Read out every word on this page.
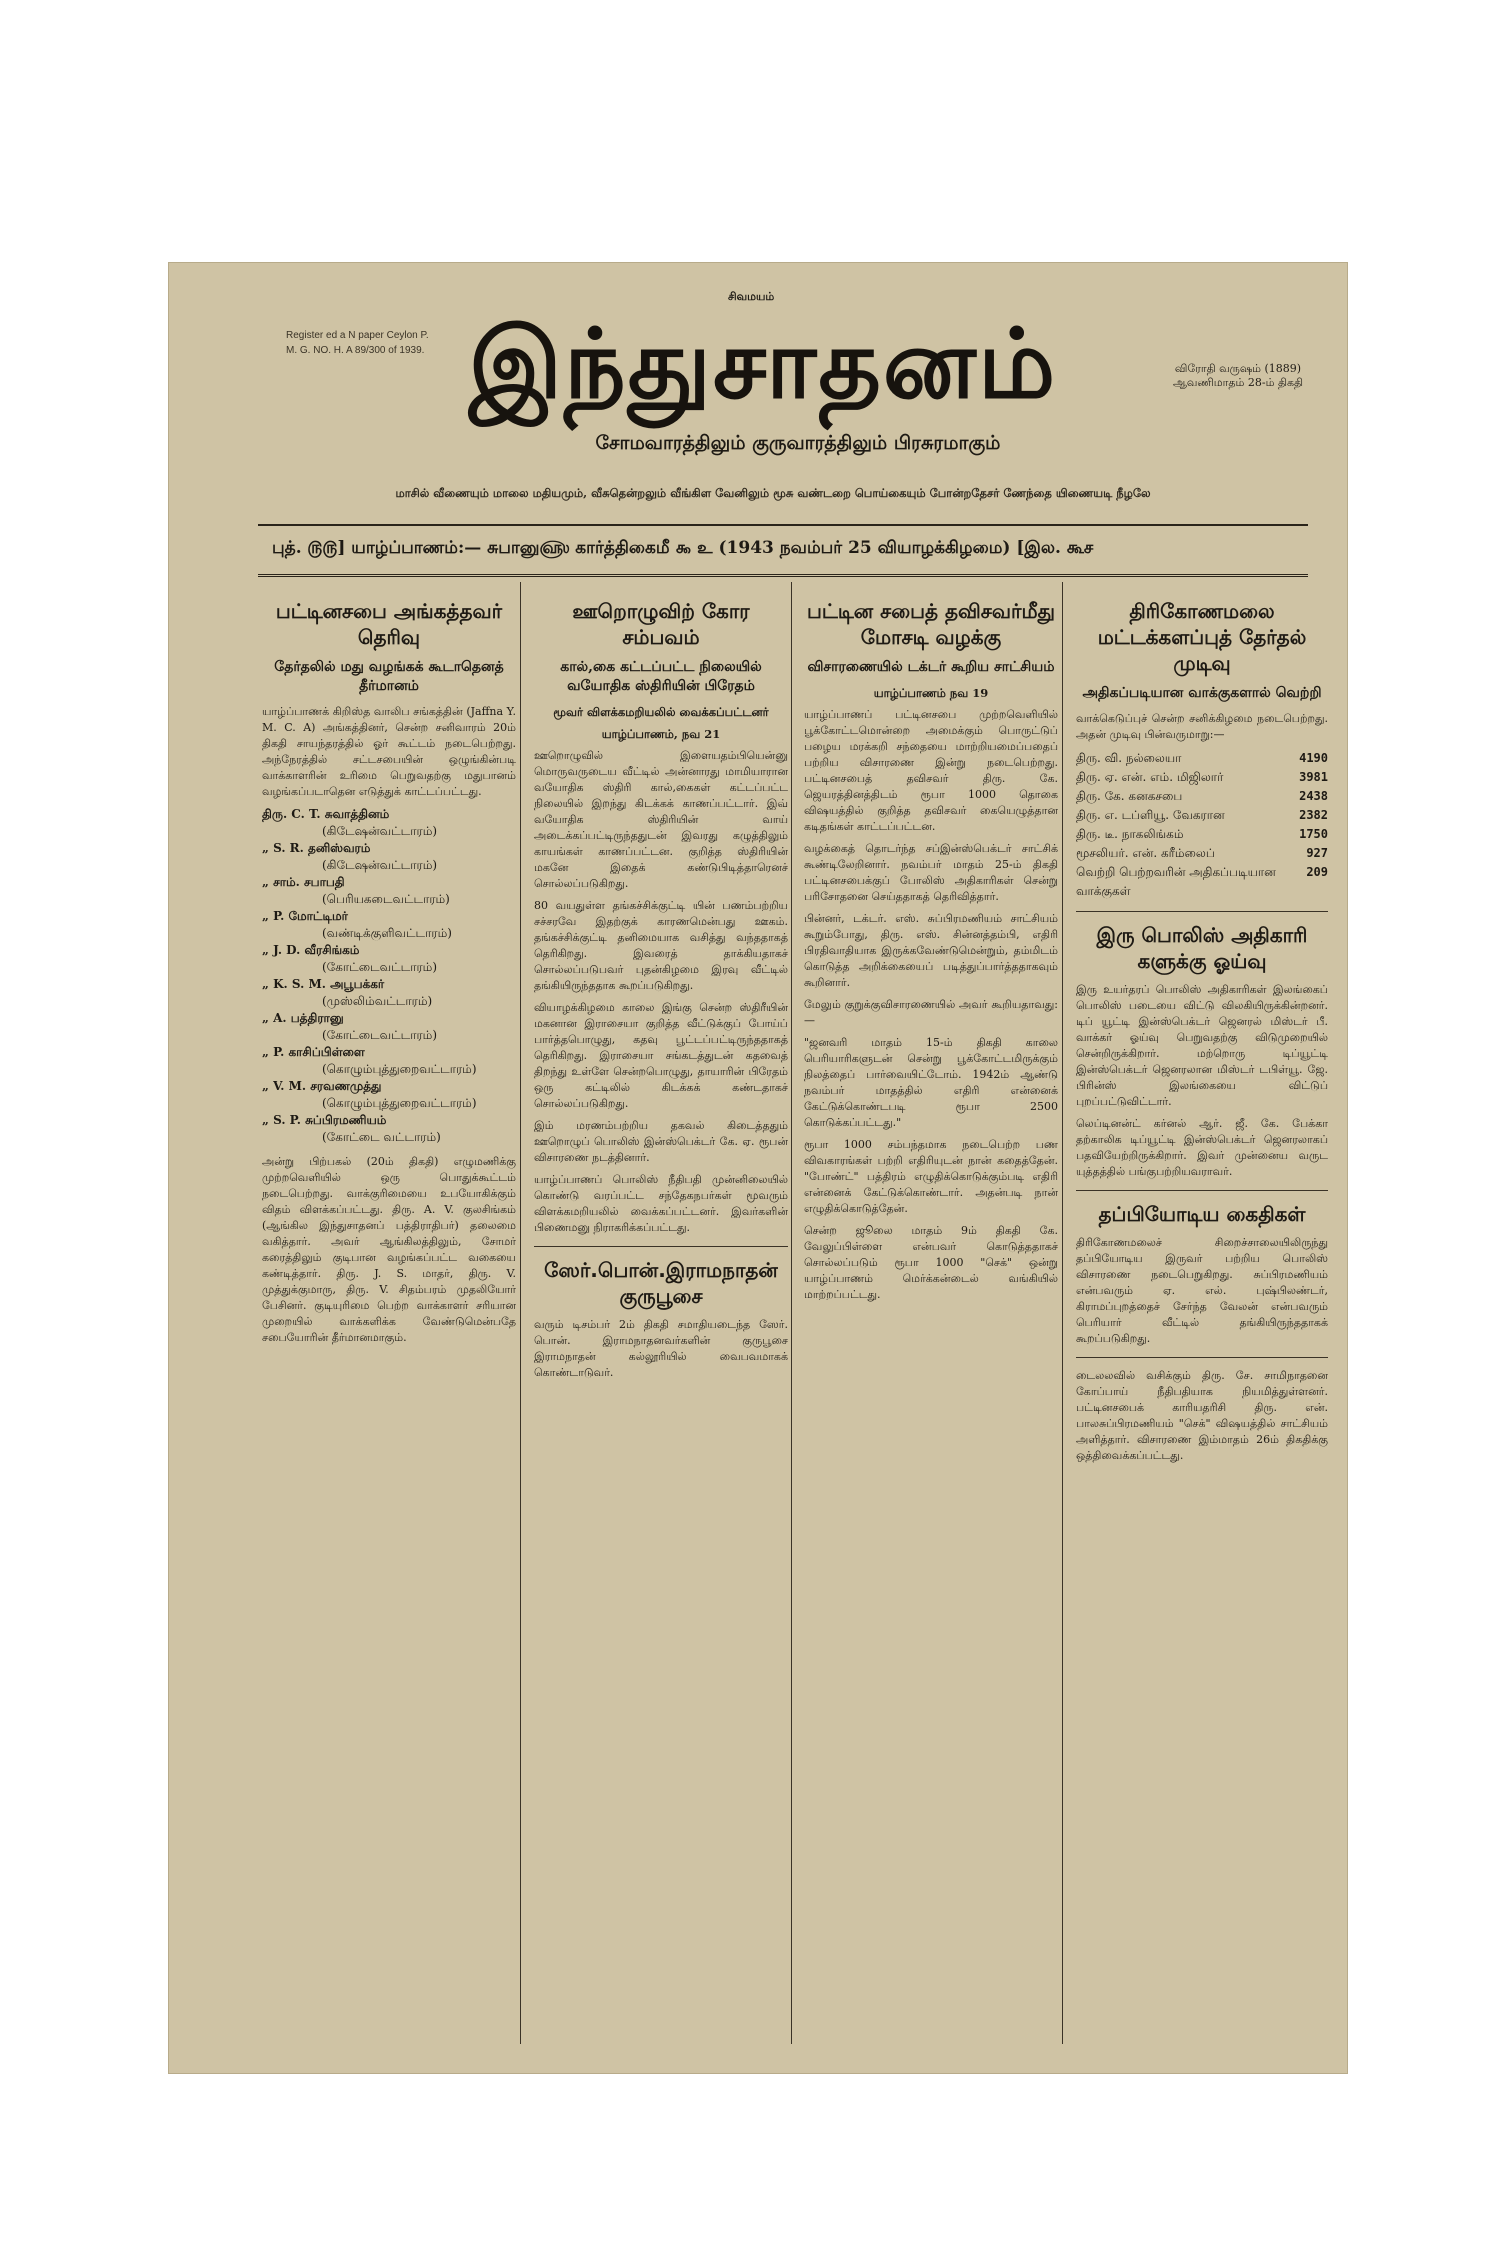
Register ed a N paper Ceylon P. M. G. NO. H. A 89/300 of 1939.
சிவமயம்
இந்துசாதனம்	விரோதி வருஷம் (1889) ஆவணிமாதம் 28-ம் திகதி
சோமவாரத்திலும் குருவாரத்திலும் பிரசுரமாகும்
மாசில் வீணையும் மாலை மதியமும், வீசுதென்றலும் வீங்கிள வேனிலும் மூசு வண்டறை பொய்கையும் போன்றதேசர் ணேந்தை யிணையடி நீழலே
புத். ௫௫] யாழ்ப்பாணம்:— சுபானு௵ கார்த்திகைமீ ௯ உ (1943 நவம்பர் 25 வியாழக்கிழமை) [இல. கூச
பட்டினசபை அங்கத்தவர் தெரிவு
தேர்தலில் மது வழங்கக் கூடாதெனத் தீர்மானம்

யாழ்ப்பாணக் கிறிஸ்த வாலிப சங்கத்தின் (Jaffna Y. M. C. A) அங்கத்தினர், சென்ற சனிவாரம் 20ம் திகதி சாயந்தரத்தில் ஓர் கூட்டம் நடைபெற்றது. அந்நேரத்தில் சட்டசபையின் ஒழுங்கின்படி வாக்காளரின் உரிமை பெறுவதற்கு மதுபானம் வழங்கப்படாதென எடுத்துக் காட்டப்பட்டது.

திரு. C. T. சுவாத்தினம்
(கிடேஷன்வட்டாரம்)
„ S. R. தனிஸ்வரம்
(கிடேஷன்வட்டாரம்)
„ சாம். சபாபதி
(பெரியகடைவட்டாரம்)
„ P. மோட்டிமர்
(வண்டிக்குளிவட்டாரம்)
„ J. D. வீரசிங்கம்
(கோட்டைவட்டாரம்)
„ K. S. M. அபூபக்கர்
(முஸ்லிம்வட்டாரம்)
„ A. பத்திரானு
(கோட்டைவட்டாரம்)
„ P. காசிப்பிள்ளை
(கொழும்புத்துறைவட்டாரம்)
„ V. M. சரவணமுத்து
(கொழும்புத்துறைவட்டாரம்)
„ S. P. சுப்பிரமணியம்
(கோட்டை வட்டாரம்)

அன்று பிற்பகல் (20ம் திகதி) எழுமணிக்கு முற்றவெளியில் ஒரு பொதுக்கூட்டம் நடைபெற்றது. வாக்குரிமையை உபயோகிக்கும் விதம் விளக்கப்பட்டது. திரு. A. V. குலசிங்கம் (ஆங்கில இந்துசாதனப் பத்திராதிபர்) தலைமை வகித்தார். அவர் ஆங்கிலத்திலும், சோமர் கரைத்திலும் குடிபான வழங்கப்பட்ட வகையை கண்டித்தார். திரு. J. S. மாதர், திரு. V. முத்துக்குமாரு, திரு. V. சிதம்பரம் முதலியோர் பேசினர். குடியுரிமை பெற்ற வாக்காளர் சரியான முறையில் வாக்களிக்க வேண்டுமென்பதே சபையோரின் தீர்மானமாகும்.

ஊறொழுவிற் கோர சம்பவம்
கால்,கை கட்டப்பட்ட நிலையில் வயோதிக ஸ்திரியின் பிரேதம்
மூவர் விளக்கமறியலில் வைக்கப்பட்டனர்
யாழ்ப்பாணம், நவ 21

ஊறொழுவில் இளையதம்பியென்னு மொருவருடைய வீட்டில் அன்னாரது மாமியாரான வயோதிக ஸ்திரி கால்,கைகள் கட்டப்பட்ட நிலையில் இறந்து கிடக்கக் காணப்பட்டார். இவ் வயோதிக ஸ்திரியின் வாய் அடைக்கப்பட்டிருந்ததுடன் இவரது கழுத்திலும் காயங்கள் காணப்பட்டன. குறித்த ஸ்திரியின் மகனே இதைக் கண்டுபிடித்தாரெனச் சொல்லப்படுகிறது.

80 வயதுள்ள தங்கச்சிக்குட்டி யின் பணம்பற்றிய சச்சரவே இதற்குக் காரணமென்பது ஊகம். தங்கச்சிக்குட்டி தனிமையாக வசித்து வந்ததாகத் தெரிகிறது. இவரைத் தாக்கியதாகச் சொல்லப்படுபவர் புதன்கிழமை இரவு வீட்டில் தங்கியிருந்ததாக கூறப்படுகிறது.

வியாழக்கிழமை காலை இங்கு சென்ற ஸ்திரீயின் மகனான இராசையா குறித்த வீட்டுக்குப் போய்ப் பார்த்தபொழுது, கதவு பூட்டப்பட்டிருந்ததாகத் தெரிகிறது. இராசையா சங்கடத்துடன் கதவைத் திறந்து உள்ளே சென்றபொழுது, தாயாரின் பிரேதம் ஒரு கட்டிலில் கிடக்கக் கண்டதாகச் சொல்லப்படுகிறது.

இம் மரணம்பற்றிய தகவல் கிடைத்ததும் ஊறொழுப் பொலிஸ் இன்ஸ்பெக்டர் கே. ஏ. ரூபன் விசாரணை நடத்தினார்.

யாழ்ப்பாணப் பொலிஸ் நீதிபதி முன்னிலையில் கொண்டு வரப்பட்ட சந்தேகநபர்கள் மூவரும் விளக்கமறியலில் வைக்கப்பட்டனர். இவர்களின் பிணைமனு நிராகரிக்கப்பட்டது.

ஸேர்.பொன்.இராமநாதன் குருபூசை

வரும் டிசம்பர் 2ம் திகதி சமாதியடைந்த ஸேர். பொன். இராமநாதனவர்களின் குருபூசை இராமநாதன் கல்லூரியில் வைபவமாகக் கொண்டாடுவர்.

பட்டின சபைத் தவிசவர்மீது மோசடி வழக்கு
விசாரணையில் டக்டர் கூறிய சாட்சியம்
யாழ்ப்பாணம் நவ 19

யாழ்ப்பாணப் பட்டினசபை முற்றவெளியில் பூக்கோட்டமொன்றை அமைக்கும் பொருட்டுப் பழைய மரக்கறி சந்தையை மாற்றியமைப்பதைப் பற்றிய விசாரணை இன்று நடைபெற்றது. பட்டினசபைத் தவிசவர் திரு. கே. ஜெயரத்தினத்திடம் ரூபா 1000 தொகை விஷயத்தில் குறித்த தவிசவர் கையெழுத்தான கடிதங்கள் காட்டப்பட்டன.

வழக்கைத் தொடர்ந்த சப்இன்ஸ்பெக்டர் சாட்சிக் கூண்டிலேறினார். நவம்பர் மாதம் 25-ம் திகதி பட்டினசபைக்குப் போலிஸ் அதிகாரிகள் சென்று பரிசோதனை செய்ததாகத் தெரிவித்தார்.

பின்னர், டக்டர். எஸ். சுப்பிரமணியம் சாட்சியம் கூறும்போது, திரு. எஸ். சின்னத்தம்பி, எதிரி பிரதிவாதியாக இருக்கவேண்டுமென்றும், தம்மிடம் கொடுத்த அறிக்கையைப் படித்துப்பார்த்ததாகவும் கூறினார்.

மேலும் குறுக்குவிசாரணையில் அவர் கூறியதாவது:—

"ஜனவரி மாதம் 15-ம் திகதி காலை பெரியாரிகளுடன் சென்று பூக்கோட்டமிருக்கும் நிலத்தைப் பார்வையிட்டோம். 1942ம் ஆண்டு நவம்பர் மாதத்தில் எதிரி என்னைக் கேட்டுக்கொண்டபடி ரூபா 2500 கொடுக்கப்பட்டது."

ரூபா 1000 சம்பந்தமாக நடைபெற்ற பண விவகாரங்கள் பற்றி எதிரியுடன் நான் கதைத்தேன். "போண்ட்" பத்திரம் எழுதிக்கொடுக்கும்படி எதிரி என்னைக் கேட்டுக்கொண்டார். அதன்படி நான் எழுதிக்கொடுத்தேன்.

சென்ற ஜூலை மாதம் 9ம் திகதி கே. வேலுப்பிள்ளை என்பவர் கொடுத்ததாகச் சொல்லப்படும் ரூபா 1000 "செக்" ஒன்று யாழ்ப்பாணம் மெர்க்கன்டைல் வங்கியில் மாற்றப்பட்டது.

திரிகோணமலை மட்டக்களப்புத் தேர்தல் முடிவு
அதிகப்படியான வாக்குகளால் வெற்றி

வாக்கெடுப்புச் சென்ற சனிக்கிழமை நடைபெற்றது. அதன் முடிவு பின்வருமாறு:—

திரு. வி. நல்லையா	4190
திரு. ஏ. என். எம். மிஜிலார்	3981
திரு. கே. கனகசபை	2438
திரு. எ. டப்ளியூ. வேகரான	2382
திரு. டீ. நாகலிங்கம்	1750
மூசலியர். என். கரீம்லைப்	927
வெற்றி பெற்றவரின் அதிகப்படியான வாக்குகள்	209
இரு பொலிஸ் அதிகாரி களுக்கு ஓய்வு

இரு உயர்தரப் பொலிஸ் அதிகாரிகள் இலங்கைப் பொலிஸ் படையை விட்டு விலகியிருக்கின்றனர். டிப் யூட்டி இன்ஸ்பெக்டர் ஜெனரல் மிஸ்டர் பீ. வாக்கர் ஓய்வு பெறுவதற்கு விடுமுறையில் சென்றிருக்கிறார். மற்றொரு டிப்யூட்டி இன்ஸ்பெக்டர் ஜெனரலான மிஸ்டர் டபிள்யூ. ஜே. பிரின்ஸ் இலங்கையை விட்டுப் புறப்பட்டுவிட்டார்.

லெப்டினன்ட் கர்னல் ஆர். ஜீ. கே. பேக்கா தற்காலிக டிப்யூட்டி இன்ஸ்பெக்டர் ஜெனரலாகப் பதவியேற்றிருக்கிறார். இவர் முன்னைய வருட யுத்தத்தில் பங்குபற்றியவராவர்.

தப்பியோடிய கைதிகள்

திரிகோணமலைச் சிறைச்சாலையிலிருந்து தப்பியோடிய இருவர் பற்றிய பொலிஸ் விசாரணை நடைபெறுகிறது. சுப்பிரமணியம் என்பவரும் ஏ. எல். புஷ்பிலண்டர், கிராமப்புறத்தைச் சேர்ந்த வேலன் என்பவரும் பெரியார் வீட்டில் தங்கியிருந்ததாகக் கூறப்படுகிறது.

டைலலவில் வசிக்கும் திரு. சே. சாமிநாதனை கோப்பாய் நீதிபதியாக நியமித்துள்ளனர். பட்டினசபைக் காரியதரிசி திரு. என். பாலசுப்பிரமணியம் "செக்" விஷயத்தில் சாட்சியம் அளித்தார். விசாரணை இம்மாதம் 26ம் திகதிக்கு ஒத்திவைக்கப்பட்டது.
